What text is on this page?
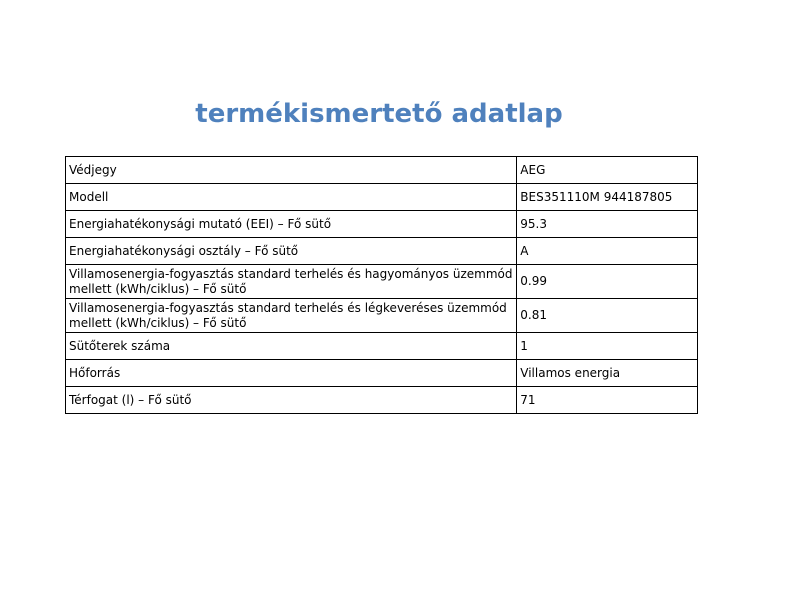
termékismertető adatlap
Védjegy	AEG
Modell	BES351110M 944187805
Energiahatékonysági mutató (EEI) – Fő sütő	95.3
Energiahatékonysági osztály – Fő sütő	A
Villamosenergia-fogyasztás standard terhelés és hagyományos üzemmód mellett (kWh/ciklus) – Fő sütő	0.99
Villamosenergia-fogyasztás standard terhelés és légkeveréses üzemmód mellett (kWh/ciklus) – Fő sütő	0.81
Sütőterek száma	1
Hőforrás	Villamos energia
Térfogat (l) – Fő sütő	71
